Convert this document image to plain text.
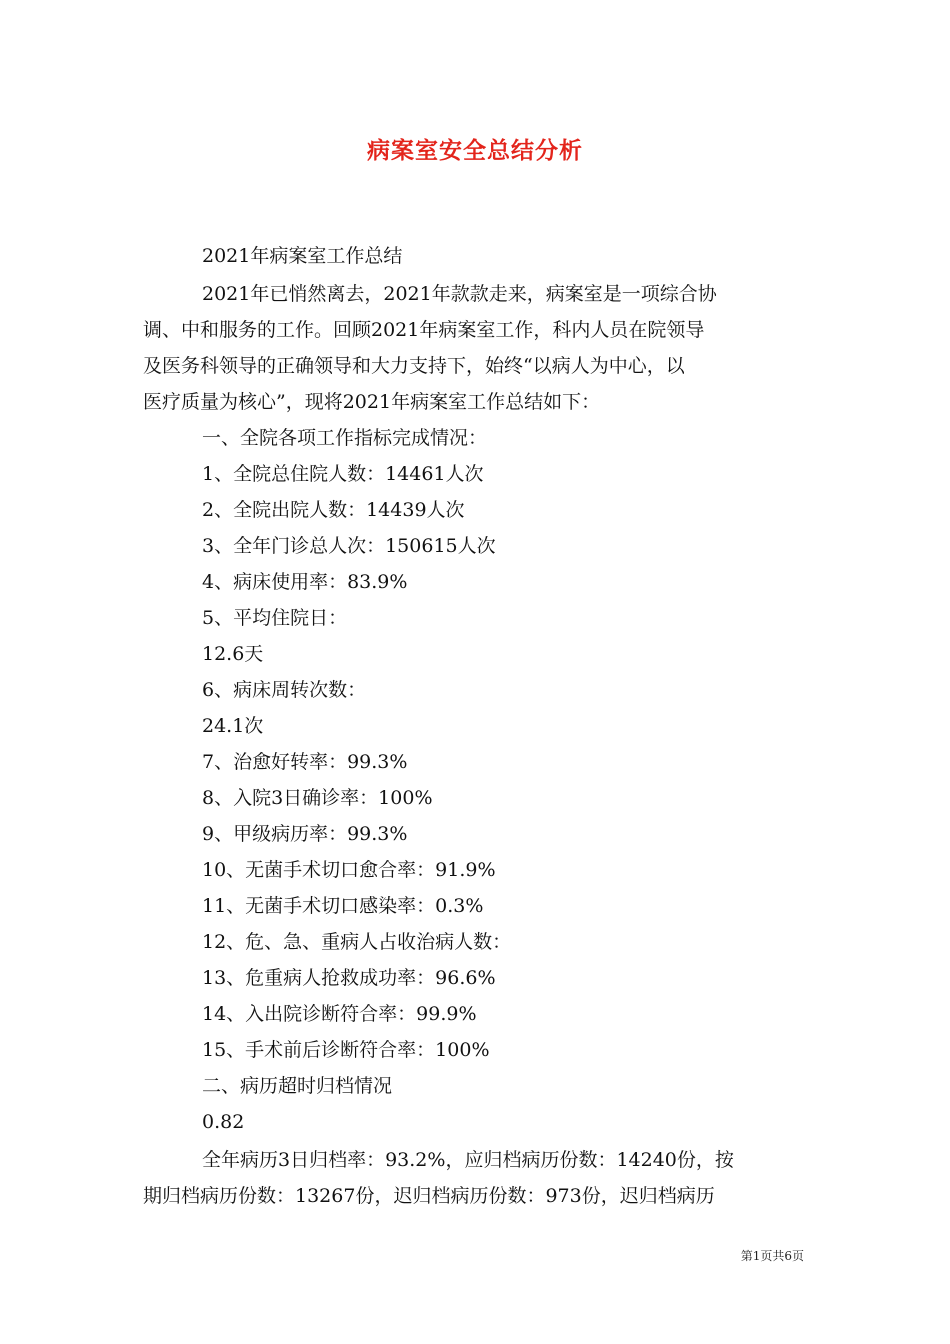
病案室安全总结分析
2021年病案室工作总结
2021年已悄然离去，2021年款款走来，病案室是一项综合协
调、中和服务的工作。回顾2021年病案室工作，科内人员在院领导
及医务科领导的正确领导和大力支持下，始终“以病人为中心，以
医疗质量为核心”，现将2021年病案室工作总结如下：
一、全院各项工作指标完成情况：
1、全院总住院人数：14461人次
2、全院出院人数：14439人次
3、全年门诊总人次：150615人次
4、病床使用率：83.9%
5、平均住院日：
12.6天
6、病床周转次数：
24.1次
7、治愈好转率：99.3%
8、入院3日确诊率：100%
9、甲级病历率：99.3%
10、无菌手术切口愈合率：91.9%
11、无菌手术切口感染率：0.3%
12、危、急、重病人占收治病人数：
13、危重病人抢救成功率：96.6%
14、入出院诊断符合率：99.9%
15、手术前后诊断符合率：100%
二、病历超时归档情况
0.82
全年病历3日归档率：93.2%，应归档病历份数：14240份，按
期归档病历份数：13267份，迟归档病历份数：973份，迟归档病历
第1页共6页
